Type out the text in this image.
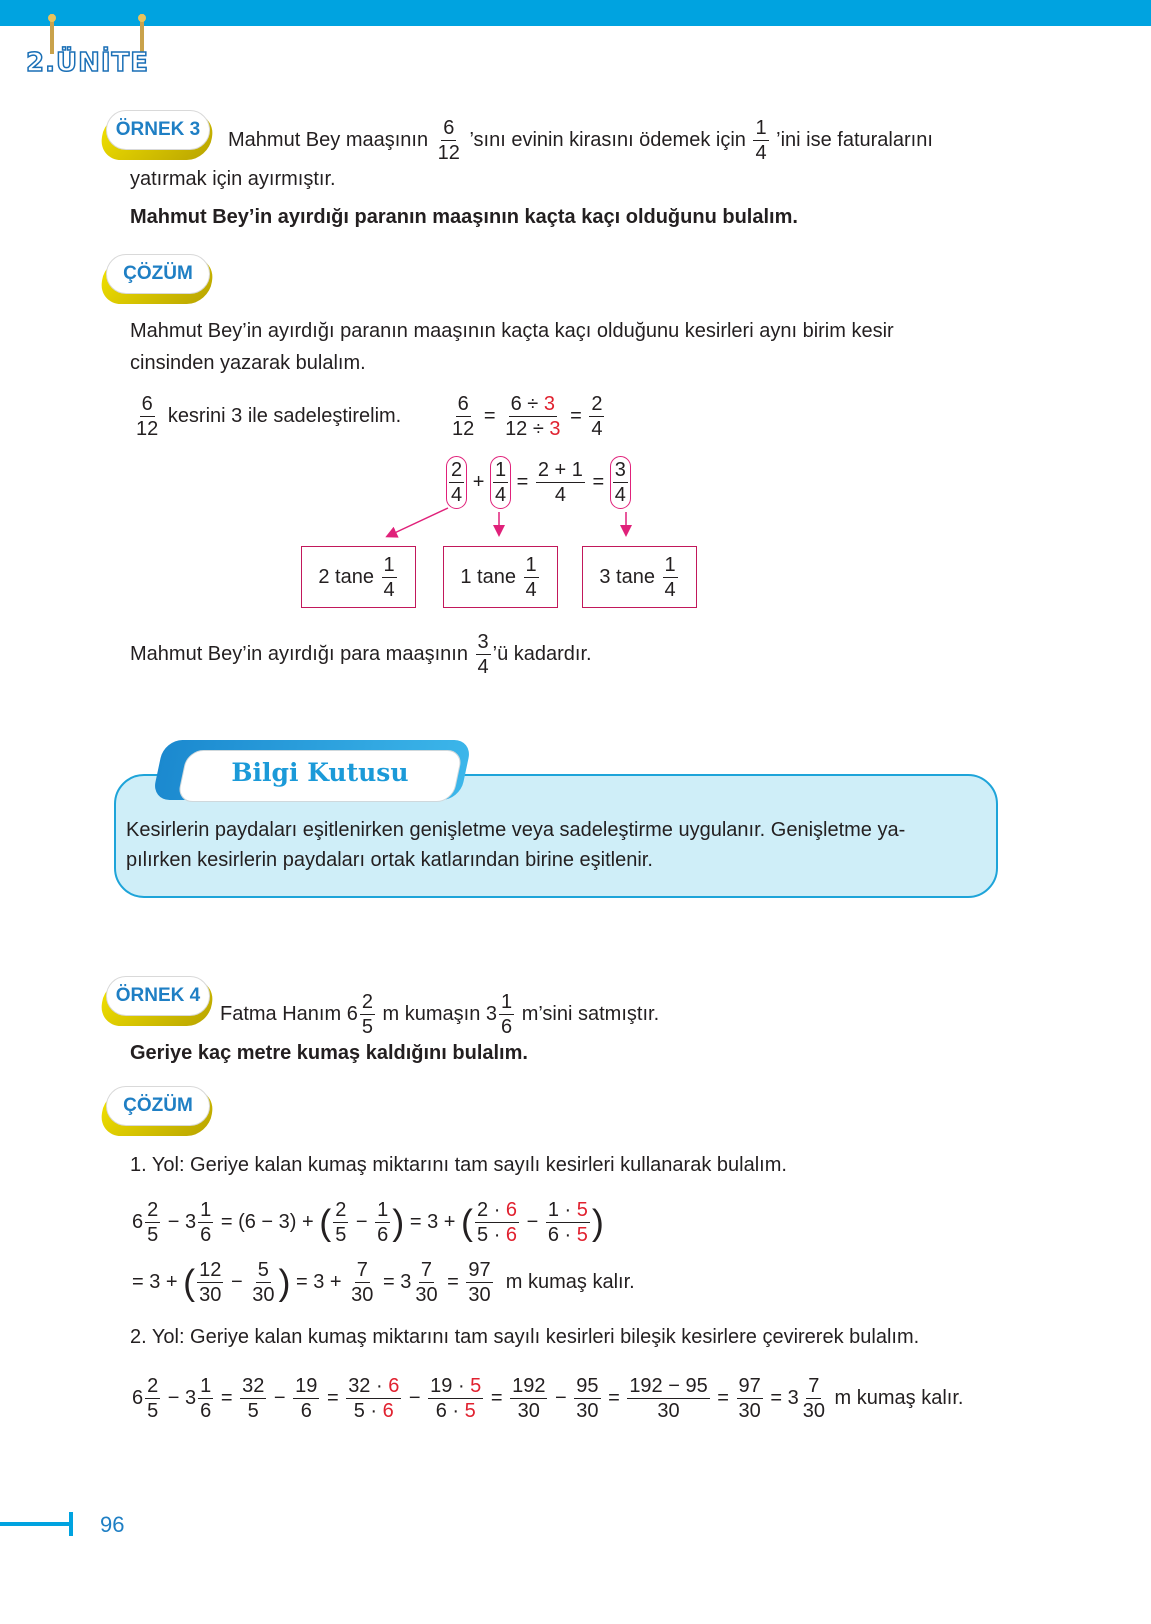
2.ÜNİTE
ÖRNEK 3	Mahmut Bey maaşının $\frac{6}{12}$ ’sını evinin kirasını ödemek için $\frac{1}{4}$ ’ini ise faturalarını
yatırmak için ayırmıştır.
Mahmut Bey’in ayırdığı paranın maaşının kaçta kaçı olduğunu bulalım.
ÇÖZÜM
Mahmut Bey’in ayırdığı paranın maaşının kaçta kaçı olduğunu kesirleri aynı birim kesir
cinsinden yazarak bulalım.
$\frac{6}{12}$ kesrini 3 ile sadeleştirelim. $\frac{6}{12} = \frac{6 \div 3}{12 \div 3} = \frac{2}{4}$
$\frac{2}{4} + \frac{1}{4} = \frac{2 + 1}{4} = \frac{3}{4}$
2 tane
$\frac{1}{4}$	1 tane
$\frac{1}{4}$	3 tane
$\frac{1}{4}$
Mahmut Bey’in ayırdığı para maaşının $\frac{3}{4}$ ’ü kadardır.
Bilgi Kutusu
Kesirlerin paydaları eşitlenirken genişletme veya sadeleştirme uygulanır. Genişletme ya-
pılırken kesirlerin paydaları ortak katlarından birine eşitlenir.
ÖRNEK 4
Fatma Hanım $6 \frac{2}{5}$ m kumaşın $3 \frac{1}{6}$ m’sini satmıştır.
Geriye kaç metre kumaş kaldığını bulalım.
ÇÖZÜM
1. Yol: Geriye kalan kumaş miktarını tam sayılı kesirleri kullanarak bulalım.
$6 \frac{2}{5} - 3 \frac{1}{6} = (6 - 3)$ + ( $\frac{2}{5} - \frac{1}{6}$ ) = 3 + ( $\frac{2 \cdot 6}{5 \cdot 6} - \frac{1 \cdot 5}{6 \cdot 5}$ )
= 3 + ( $\frac{12}{30} - \frac{5}{30}$ ) = $3 + \frac{7}{30} = 3 \frac{7}{30} = \frac{97}{30}$ m kumaş kalır.
2. Yol: Geriye kalan kumaş miktarını tam sayılı kesirleri bileşik kesirlere çevirerek bulalım.
$6 \frac{2}{5} - 3 \frac{1}{6} = \frac{32}{5} - \frac{19}{6} = \frac{32 \cdot 6}{5 \cdot 6} - \frac{19 \cdot 5}{6 \cdot 5} = \frac{192}{30} - \frac{95}{30} = \frac{192 - 95}{30} = \frac{97}{30} = 3 \frac{7}{30}$ m kumaş kalır.
96
